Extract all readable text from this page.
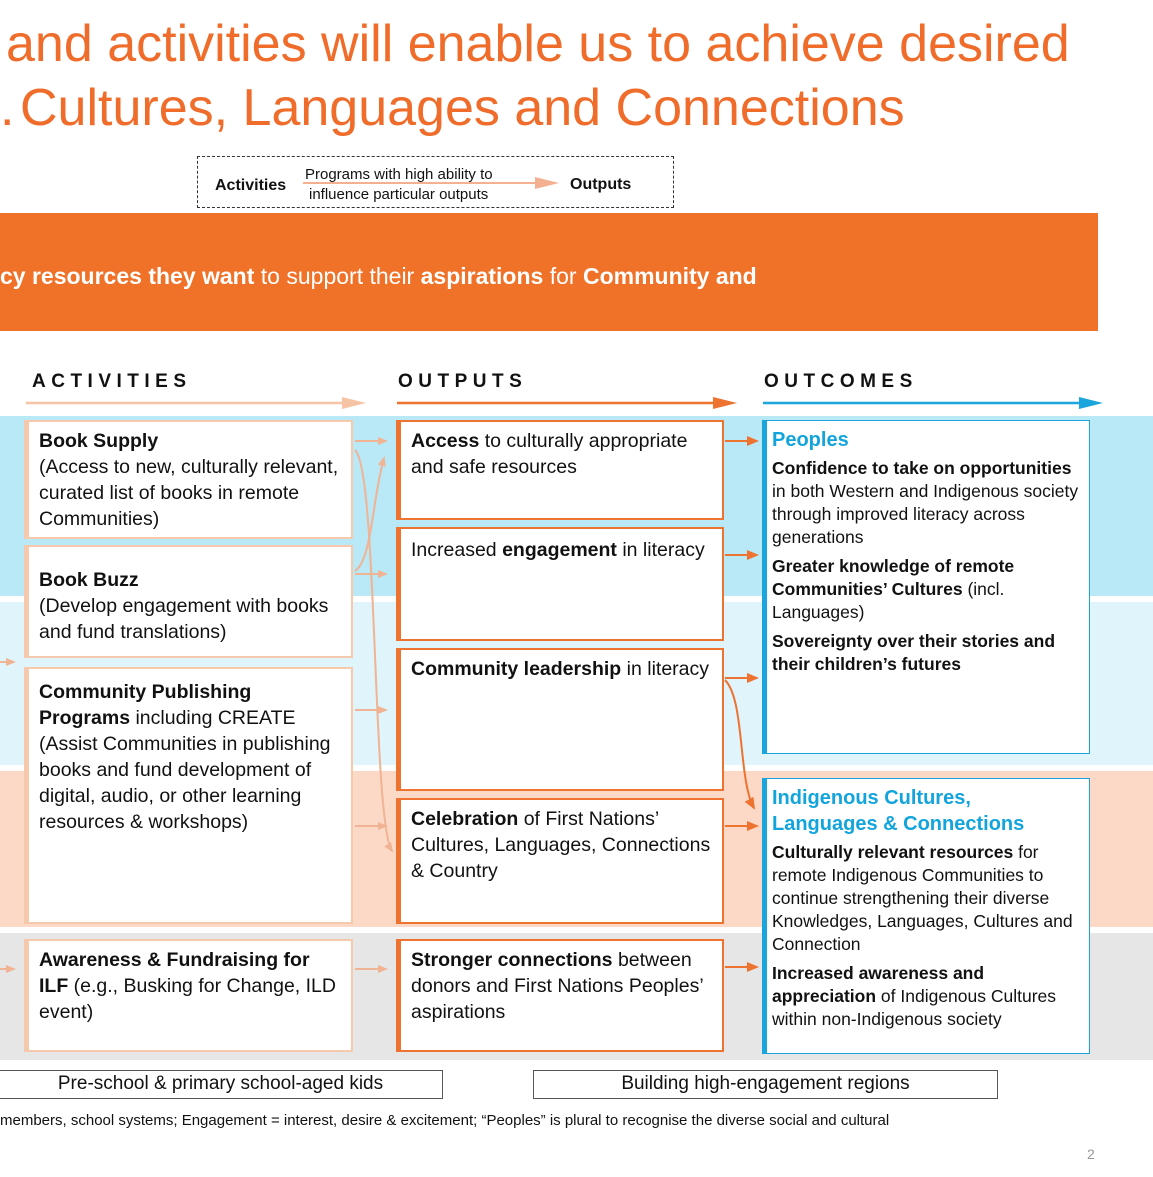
and activities will enable us to achieve desired
. Cultures, Languages and Connections
Activities
Programs with high ability to
influence particular outputs
Outputs
cy resources they want to support their aspirations for Community and
ACTIVITIES	OUTPUTS	OUTCOMES
Book Supply
(Access to new, culturally relevant, curated list of books in remote Communities)
Book Buzz
(Develop engagement with books and fund translations)
Community Publishing
Programs including CREATE
(Assist Communities in publishing books and fund development of digital, audio, or other learning resources & workshops)
Awareness & Fundraising for ILF (e.g., Busking for Change, ILD event)
Access to culturally appropriate and safe resources
Increased engagement in literacy
Community leadership in literacy
Celebration of First Nations’ Cultures, Languages, Connections & Country
Stronger connections between donors and First Nations Peoples’ aspirations
Peoples
Confidence to take on opportunities in both Western and Indigenous society through improved literacy across generations
Greater knowledge of remote Communities’ Cultures (incl. Languages)
Sovereignty over their stories and their children’s futures
Indigenous Cultures,
Languages & Connections
Culturally relevant resources for remote Indigenous Communities to continue strengthening their diverse Knowledges, Languages, Cultures and Connection
Increased awareness and appreciation of Indigenous Cultures within non-Indigenous society
Pre-school & primary school-aged kids	Building high-engagement regions
members, school systems; Engagement = interest, desire & excitement; “Peoples” is plural to recognise the diverse social and cultural
2
